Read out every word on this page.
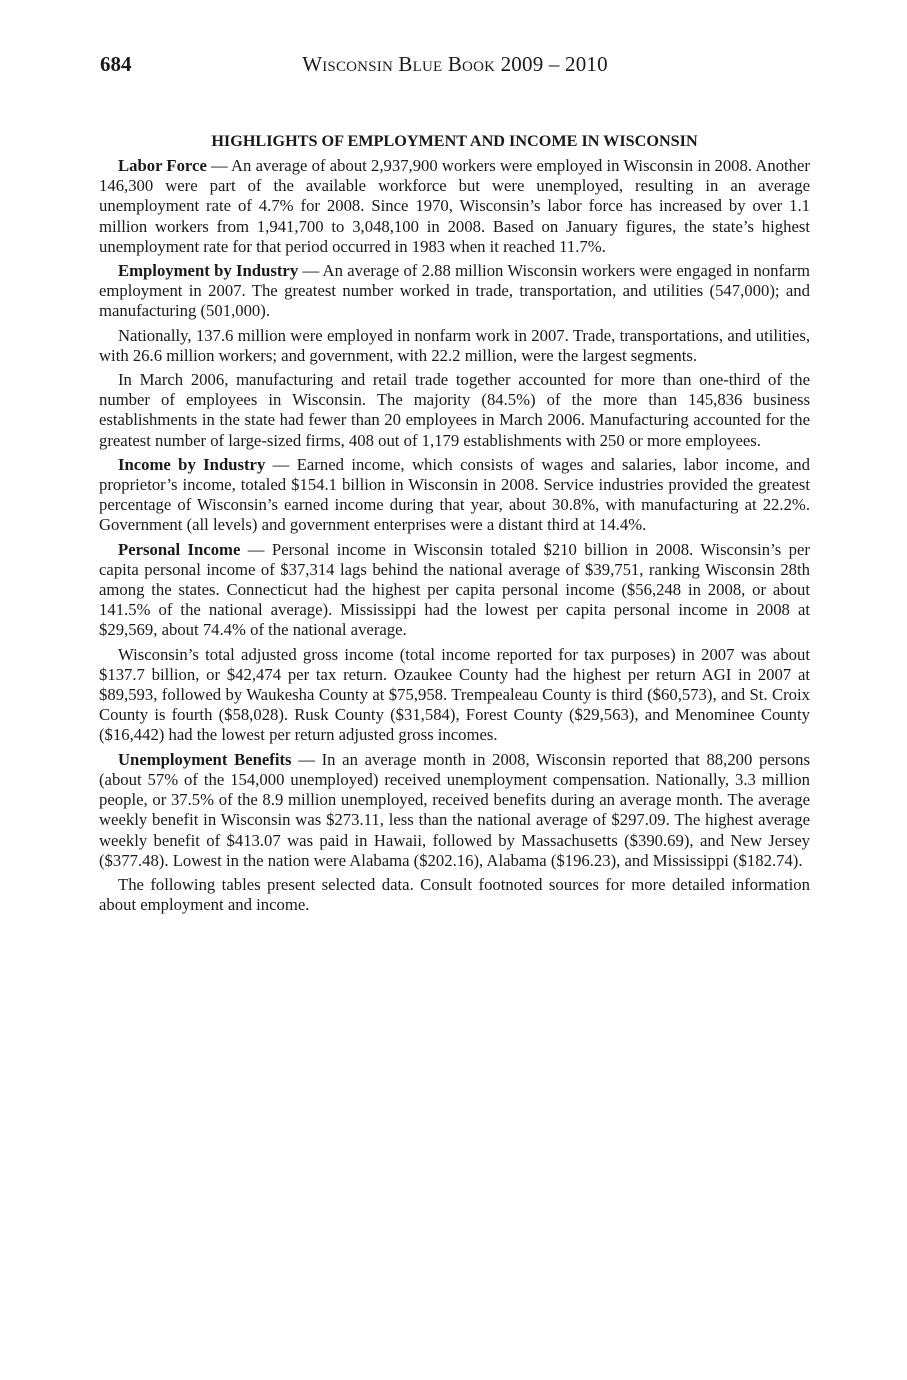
684	Wisconsin Blue Book 2009 – 2010
HIGHLIGHTS OF EMPLOYMENT AND INCOME IN WISCONSIN

Labor Force — An average of about 2,937,900 workers were employed in Wisconsin in 2008. Another 146,300 were part of the available workforce but were unemployed, resulting in an average unemployment rate of 4.7% for 2008. Since 1970, Wisconsin’s labor force has increased by over 1.1 million workers from 1,941,700 to 3,048,100 in 2008. Based on January figures, the state’s highest unemployment rate for that period occurred in 1983 when it reached 11.7%.

Employment by Industry — An average of 2.88 million Wisconsin workers were engaged in nonfarm employment in 2007. The greatest number worked in trade, transportation, and utilities (547,000); and manufacturing (501,000).

Nationally, 137.6 million were employed in nonfarm work in 2007. Trade, transportations, and utilities, with 26.6 million workers; and government, with 22.2 million, were the largest segments.

In March 2006, manufacturing and retail trade together accounted for more than one-third of the number of employees in Wisconsin. The majority (84.5%) of the more than 145,836 business establishments in the state had fewer than 20 employees in March 2006. Manufacturing accounted for the greatest number of large-sized firms, 408 out of 1,179 establishments with 250 or more employees.

Income by Industry — Earned income, which consists of wages and salaries, labor income, and proprietor’s income, totaled $154.1 billion in Wisconsin in 2008. Service industries provided the greatest percentage of Wisconsin’s earned income during that year, about 30.8%, with manufacturing at 22.2%. Government (all levels) and government enterprises were a distant third at 14.4%.

Personal Income — Personal income in Wisconsin totaled $210 billion in 2008. Wisconsin’s per capita personal income of $37,314 lags behind the national average of $39,751, ranking Wisconsin 28th among the states. Connecticut had the highest per capita personal income ($56,248 in 2008, or about 141.5% of the national average). Mississippi had the lowest per capita personal income in 2008 at $29,569, about 74.4% of the national average.

Wisconsin’s total adjusted gross income (total income reported for tax purposes) in 2007 was about $137.7 billion, or $42,474 per tax return. Ozaukee County had the highest per return AGI in 2007 at $89,593, followed by Waukesha County at $75,958. Trempealeau County is third ($60,573), and St. Croix County is fourth ($58,028). Rusk County ($31,584), Forest County ($29,563), and Menominee County ($16,442) had the lowest per return adjusted gross incomes.

Unemployment Benefits — In an average month in 2008, Wisconsin reported that 88,200 persons (about 57% of the 154,000 unemployed) received unemployment compensation. Nationally, 3.3 million people, or 37.5% of the 8.9 million unemployed, received benefits during an average month. The average weekly benefit in Wisconsin was $273.11, less than the national average of $297.09. The highest average weekly benefit of $413.07 was paid in Hawaii, followed by Massachusetts ($390.69), and New Jersey ($377.48). Lowest in the nation were Alabama ($202.16), Alabama ($196.23), and Mississippi ($182.74).

The following tables present selected data. Consult footnoted sources for more detailed information about employment and income.
